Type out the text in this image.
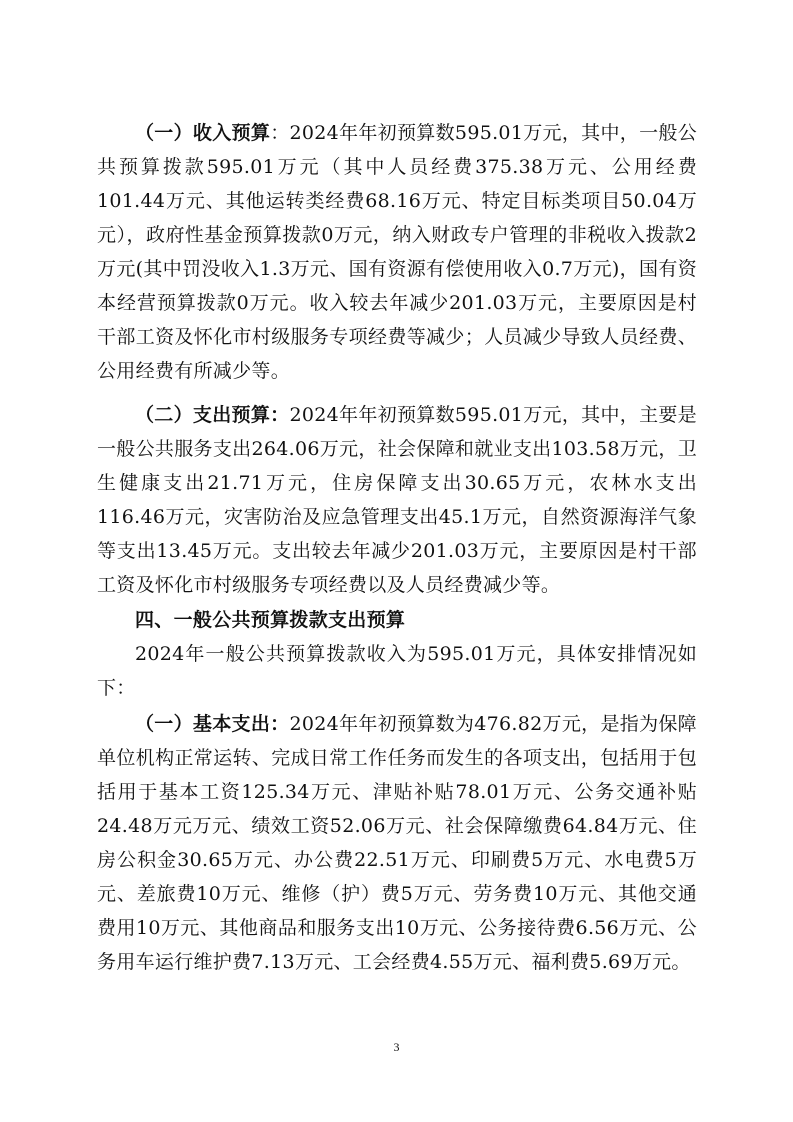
（一）收入预算：2024年年初预算数595.01万元，其中，一般公共预算拨款595.01万元（其中人员经费375.38万元、公用经费101.44万元、其他运转类经费68.16万元、特定目标类项目50.04万元），政府性基金预算拨款0万元，纳入财政专户管理的非税收入拨款2万元(其中罚没收入1.3万元、国有资源有偿使用收入0.7万元)，国有资本经营预算拨款0万元。收入较去年减少201.03万元，主要原因是村干部工资及怀化市村级服务专项经费等减少；人员减少导致人员经费、公用经费有所减少等。

（二）支出预算：2024年年初预算数595.01万元，其中，主要是一般公共服务支出264.06万元，社会保障和就业支出103.58万元，卫生健康支出21.71万元，住房保障支出30.65万元，农林水支出116.46万元，灾害防治及应急管理支出45.1万元，自然资源海洋气象等支出13.45万元。支出较去年减少201.03万元，主要原因是村干部工资及怀化市村级服务专项经费以及人员经费减少等。

四、一般公共预算拨款支出预算

2024年一般公共预算拨款收入为595.01万元，具体安排情况如下：

（一）基本支出：2024年年初预算数为476.82万元，是指为保障单位机构正常运转、完成日常工作任务而发生的各项支出，包括用于包括用于基本工资125.34万元、津贴补贴78.01万元、公务交通补贴24.48万元万元、绩效工资52.06万元、社会保障缴费64.84万元、住房公积金30.65万元、办公费22.51万元、印刷费5万元、水电费5万元、差旅费10万元、维修（护）费5万元、劳务费10万元、其他交通费用10万元、其他商品和服务支出10万元、公务接待费6.56万元、公务用车运行维护费7.13万元、工会经费4.55万元、福利费5.69万元。

3
